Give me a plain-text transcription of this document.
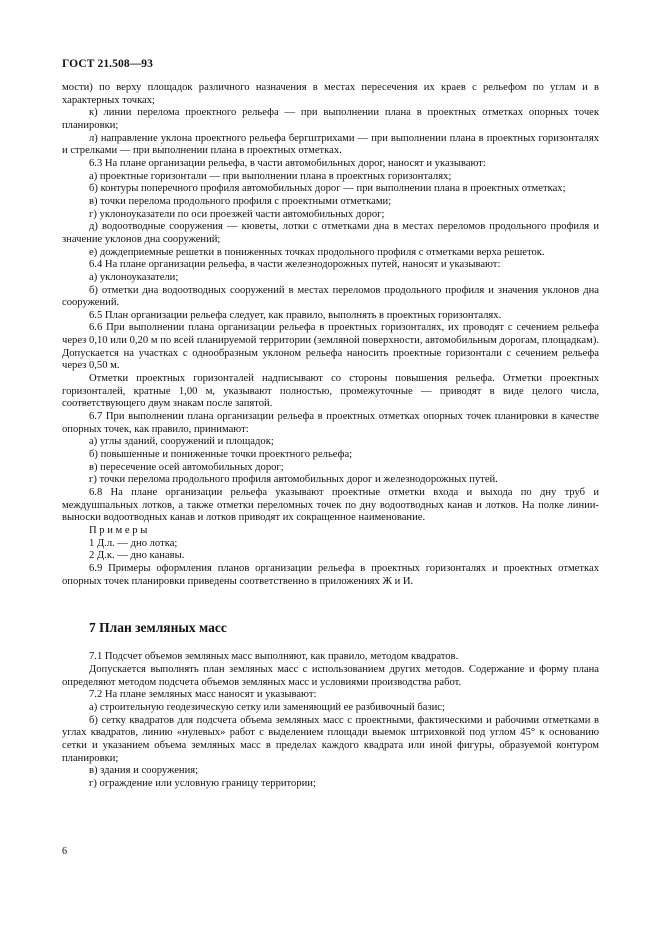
ГОСТ 21.508—93

мости) по верху площадок различного назначения в местах пересечения их краев с рельефом по углам и в характерных точках;

к) линии перелома проектного рельефа — при выполнении плана в проектных отметках опорных точек планировки;

л) направление уклона проектного рельефа бергштрихами — при выполнении плана в проектных горизонталях и стрелками — при выполнении плана в проектных отметках.

6.3 На плане организации рельефа, в части автомобильных дорог, наносят и указывают:

а) проектные горизонтали — при выполнении плана в проектных горизонталях;

б) контуры поперечного профиля автомобильных дорог — при выполнении плана в проектных отметках;

в) точки перелома продольного профиля с проектными отметками;

г) уклоноуказатели по оси проезжей части автомобильных дорог;

д) водоотводные сооружения — кюветы, лотки с отметками дна в местах переломов продольного профиля и значение уклонов дна сооружений;

е) дождеприемные решетки в пониженных точках продольного профиля с отметками верха решеток.

6.4 На плане организации рельефа, в части железнодорожных путей, наносят и указывают:

а) уклоноуказатели;

б) отметки дна водоотводных сооружений в местах переломов продольного профиля и значения уклонов дна сооружений.

6.5 План организации рельефа следует, как правило, выполнять в проектных горизонталях.

6.6 При выполнении плана организации рельефа в проектных горизонталях, их проводят с сечением рельефа через 0,10 или 0,20 м по всей планируемой территории (земляной поверхности, автомобильным дорогам, площадкам). Допускается на участках с однообразным уклоном рельефа наносить проектные горизонтали с сечением рельефа через 0,50 м.

Отметки проектных горизонталей надписывают со стороны повышения рельефа. Отметки проектных горизонталей, кратные 1,00 м, указывают полностью, промежуточные — приводят в виде целого числа, соответствующего двум знакам после запятой.

6.7 При выполнении плана организации рельефа в проектных отметках опорных точек планировки в качестве опорных точек, как правило, принимают:

а) углы зданий, сооружений и площадок;

б) повышенные и пониженные точки проектного рельефа;

в) пересечение осей автомобильных дорог;

г) точки перелома продольного профиля автомобильных дорог и железнодорожных путей.

6.8 На плане организации рельефа указывают проектные отметки входа и выхода по дну труб и междушпальных лотков, а также отметки переломных точек по дну водоотводных канав и лотков. На полке линии-выноски водоотводных канав и лотков приводят их сокращенное наименование.

П р и м е р ы

1 Д.л. — дно лотка;

2 Д.к. — дно канавы.

6.9 Примеры оформления планов организации рельефа в проектных горизонталях и проектных отметках опорных точек планировки приведены соответственно в приложениях Ж и И.

7 План земляных масс

7.1 Подсчет объемов земляных масс выполняют, как правило, методом квадратов.

Допускается выполнять план земляных масс с использованием других методов. Содержание и форму плана определяют методом подсчета объемов земляных масс и условиями производства работ.

7.2 На плане земляных масс наносят и указывают:

а) строительную геодезическую сетку или заменяющий ее разбивочный базис;

б) сетку квадратов для подсчета объема земляных масс с проектными, фактическими и рабочими отметками в углах квадратов, линию «нулевых» работ с выделением площади выемок штриховкой под углом 45° к основанию сетки и указанием объема земляных масс в пределах каждого квадрата или иной фигуры, образуемой контуром планировки;

в) здания и сооружения;

г) ограждение или условную границу территории;

6
